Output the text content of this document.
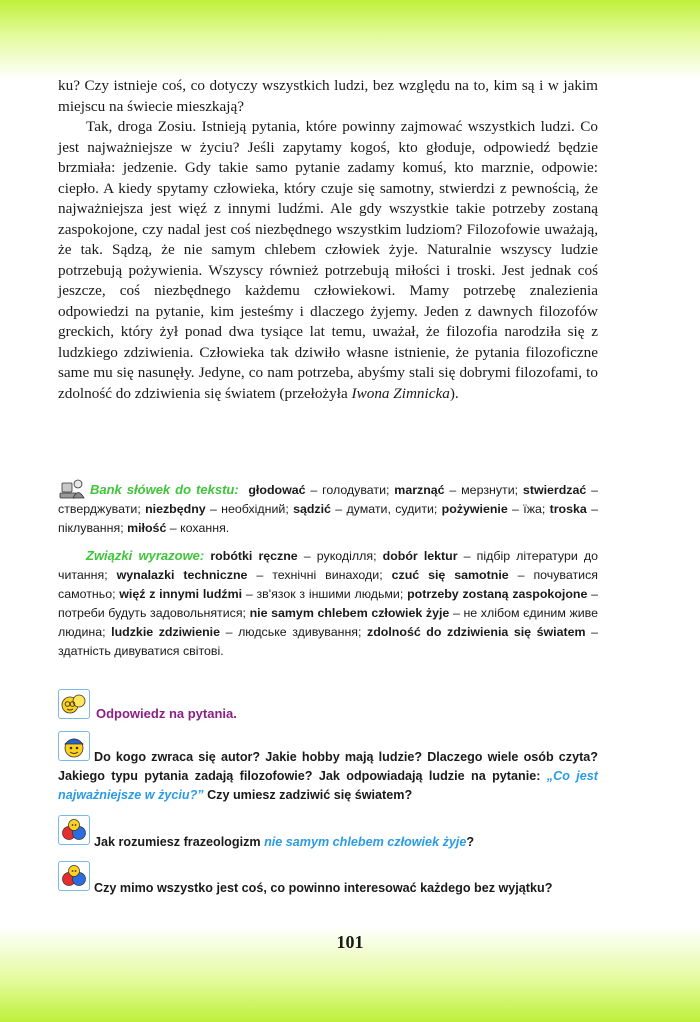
ku? Czy istnieje coś, co dotyczy wszystkich ludzi, bez względu na to, kim są i w jakim miejscu na świecie mieszkają?

Tak, droga Zosiu. Istnieją pytania, które powinny zajmować wszystkich ludzi. Co jest najważniejsze w życiu? Jeśli zapytamy kogoś, kto głoduje, odpowiedź będzie brzmiała: jedzenie. Gdy takie samo pytanie zadamy komuś, kto marznie, odpowie: ciepło. A kiedy spytamy człowieka, który czuje się samotny, stwierdzi z pewnością, że najważniejsza jest więź z innymi ludźmi. Ale gdy wszystkie takie potrzeby zostaną zaspokojone, czy nadal jest coś niezbędnego wszystkim ludziom? Filozofowie uważają, że tak. Sądzą, że nie samym chlebem człowiek żyje. Naturalnie wszyscy ludzie potrzebują pożywienia. Wszyscy również potrzebują miłości i troski. Jest jednak coś jeszcze, coś niezbędnego każdemu człowiekowi. Mamy potrzebę znalezienia odpowiedzi na pytanie, kim jesteśmy i dlaczego żyjemy. Jeden z dawnych filozofów greckich, który żył ponad dwa tysiące lat temu, uważał, że filozofia narodziła się z ludzkiego zdziwienia. Człowieka tak dziwiło własne istnienie, że pytania filozoficzne same mu się nasunęły. Jedyne, co nam potrzeba, abyśmy stali się dobrymi filozofami, to zdolność do zdziwienia się światem (przełożyła Iwona Zimnicka).

Bank słówek do tekstu: głodować – голодувати; marznąć – мерзнути; stwierdzać – стверджувати; niezbędny – необхідний; sądzić – думати, судити; pożywienie – їжа; troska – піклування; miłość – кохання.
Związki wyrazowe: robótki ręczne – рукоділля; dobór lektur – підбір літератури до читання; wynalazki techniczne – технічні винаходи; czuć się samotnie – почуватися самотньо; więź z innymi ludźmi – зв'язок з іншими людьми; potrzeby zostaną zaspokojone – потреби будуть задовольнятися; nie samym chlebem człowiek żyje – не хлібом єдиним живе людина; ludzkie zdziwienie – людське здивування; zdolność do zdziwienia się światem – здатність дивуватися світові.
Odpowiedz na pytania.
Do kogo zwraca się autor? Jakie hobby mają ludzie? Dlaczego wiele osób czyta? Jakiego typu pytania zadają filozofowie? Jak odpowiadają ludzie na pytanie: „Co jest najważniejsze w życiu?” Czy umiesz zadziwić się światem?
Jak rozumiesz frazeologizm nie samym chlebem człowiek żyje?
Czy mimo wszystko jest coś, co powinno interesować każdego bez wyjątku?
101
